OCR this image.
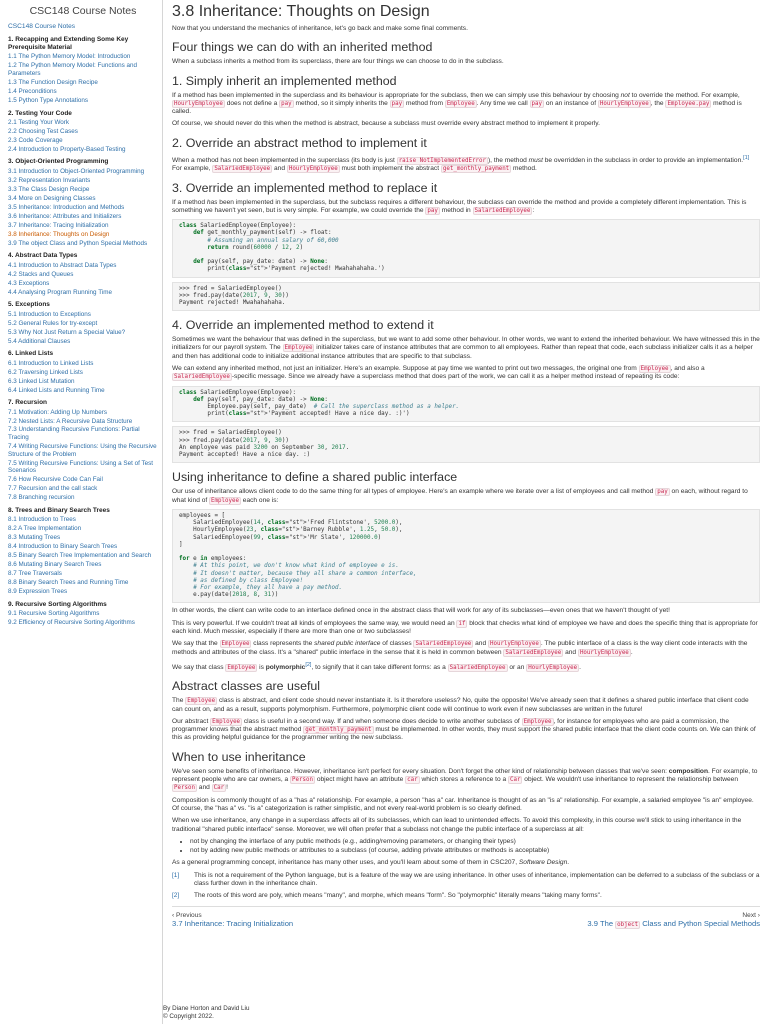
CSC148 Course Notes
CSC148 Course Notes
1. Recapping and Extending Some Key Prerequisite Material
1.1 The Python Memory Model: Introduction
1.2 The Python Memory Model: Functions and Parameters
1.3 The Function Design Recipe
1.4 Preconditions
1.5 Python Type Annotations
2. Testing Your Code
2.1 Testing Your Work
2.2 Choosing Test Cases
2.3 Code Coverage
2.4 Introduction to Property-Based Testing
3. Object-Oriented Programming
3.1 Introduction to Object-Oriented Programming
3.2 Representation Invariants
3.3 The Class Design Recipe
3.4 More on Designing Classes
3.5 Inheritance: Introduction and Methods
3.6 Inheritance: Attributes and Initializers
3.7 Inheritance: Tracing Initialization
3.8 Inheritance: Thoughts on Design
3.9 The object Class and Python Special Methods
4. Abstract Data Types
4.1 Introduction to Abstract Data Types
4.2 Stacks and Queues
4.3 Exceptions
4.4 Analysing Program Running Time
5. Exceptions
5.1 Introduction to Exceptions
5.2 General Rules for try-except
5.3 Why Not Just Return a Special Value?
5.4 Additional Clauses
6. Linked Lists
6.1 Introduction to Linked Lists
6.2 Traversing Linked Lists
6.3 Linked List Mutation
6.4 Linked Lists and Running Time
7. Recursion
7.1 Motivation: Adding Up Numbers
7.2 Nested Lists: A Recursive Data Structure
7.3 Understanding Recursive Functions: Partial Tracing
7.4 Writing Recursive Functions: Using the Recursive Structure of the Problem
7.5 Writing Recursive Functions: Using a Set of Test Scenarios
7.6 How Recursive Code Can Fail
7.7 Recursion and the call stack
7.8 Branching recursion
8. Trees and Binary Search Trees
8.1 Introduction to Trees
8.2 A Tree Implementation
8.3 Mutating Trees
8.4 Introduction to Binary Search Trees
8.5 Binary Search Tree Implementation and Search
8.6 Mutating Binary Search Trees
8.7 Tree Traversals
8.8 Binary Search Trees and Running Time
8.9 Expression Trees
9. Recursive Sorting Algorithms
9.1 Recursive Sorting Algorithms
9.2 Efficiency of Recursive Sorting Algorithms
3.8 Inheritance: Thoughts on Design

Now that you understand the mechanics of inheritance, let's go back and make some final comments.

Four things we can do with an inherited method

When a subclass inherits a method from its superclass, there are four things we can choose to do in the subclass.

1. Simply inherit an implemented method

If a method has been implemented in the superclass and its behaviour is appropriate for the subclass, then we can simply use this behaviour by choosing not to override the method. For example, HourlyEmployee does not define a pay method, so it simply inherits the pay method from Employee . Any time we call pay on an instance of HourlyEmployee , the Employee.pay method is called.

Of course, we should never do this when the method is abstract, because a subclass must override every abstract method to implement it properly.

2. Override an abstract method to implement it

When a method has not been implemented in the superclass (its body is just raise NotImplementedError ), the method must be overridden in the subclass in order to provide an implementation.[1] For example, SalariedEmployee and HourlyEmployee must both implement the abstract get_monthly_payment method.

3. Override an implemented method to replace it

If a method has been implemented in the superclass, but the subclass requires a different behaviour, the subclass can override the method and provide a completely different implementation. This is something we haven't yet seen, but is very simple. For example, we could override the pay method in SalariedEmployee :

class SalariedEmployee(Employee):
def get_monthly_payment(self) -> float:
# Assuming an annual salary of 60,000
return round(60000 / 12, 2)

def pay(self, pay_date: date) -> None:
print(class="st">'Payment rejected! Mwahahahaha.')
>>> fred = SalariedEmployee()
>>> fred.pay(date(2017, 9, 30))
Payment rejected! Mwahahahaha.
4. Override an implemented method to extend it

Sometimes we want the behaviour that was defined in the superclass, but we want to add some other behaviour. In other words, we want to extend the inherited behaviour. We have witnessed this in the initializers for our payroll system. The Employee initializer takes care of instance attributes that are common to all employees. Rather than repeat that code, each subclass initializer calls it as a helper and then has additional code to initialize additional instance attributes that are specific to that subclass.

We can extend any inherited method, not just an initializer. Here's an example. Suppose at pay time we wanted to print out two messages, the original one from Employee , and also a SalariedEmployee -specific message. Since we already have a superclass method that does part of the work, we can call it as a helper method instead of repeating its code:

class SalariedEmployee(Employee):
def pay(self, pay_date: date) -> None:
Employee.pay(self, pay_date)  # Call the superclass method as a helper.
print(class="st">'Payment accepted! Have a nice day. :)')
>>> fred = SalariedEmployee()
>>> fred.pay(date(2017, 9, 30))
An employee was paid 3200 on September 30, 2017.
Payment accepted! Have a nice day. :)
Using inheritance to define a shared public interface

Our use of inheritance allows client code to do the same thing for all types of employee. Here's an example where we iterate over a list of employees and call method pay on each, without regard to what kind of Employee each one is:

employees = [
SalariedEmployee(14, class="st">'Fred Flintstone', 5200.0),
HourlyEmployee(23, class="st">'Barney Rubble', 1.25, 50.0),
SalariedEmployee(99, class="st">'Mr Slate', 120000.0)
]

for e in employees:
# At this point, we don't know what kind of employee e is.
# It doesn't matter, because they all share a common interface,
# as defined by class Employee!
# For example, they all have a pay method.
e.pay(date(2018, 8, 31))

In other words, the client can write code to an interface defined once in the abstract class that will work for any of its subclasses—even ones that we haven't thought of yet!

This is very powerful. If we couldn't treat all kinds of employees the same way, we would need an if block that checks what kind of employee we have and does the specific thing that is appropriate for each kind. Much messier, especially if there are more than one or two subclasses!

We say that the Employee class represents the shared public interface of classes SalariedEmployee and HourlyEmployee . The public interface of a class is the way client code interacts with the methods and attributes of the class. It's a "shared" public interface in the sense that it is held in common between SalariedEmployee and HourlyEmployee .

We say that class Employee is polymorphic[2], to signify that it can take different forms: as a SalariedEmployee or an HourlyEmployee .

Abstract classes are useful

The Employee class is abstract, and client code should never instantiate it. Is it therefore useless? No, quite the opposite! We've already seen that it defines a shared public interface that client code can count on, and as a result, supports polymorphism. Furthermore, polymorphic client code will continue to work even if new subclasses are written in the future!

Our abstract Employee class is useful in a second way. If and when someone does decide to write another subclass of Employee , for instance for employees who are paid a commission, the programmer knows that the abstract method get_monthly_payment must be implemented. In other words, they must support the shared public interface that the client code counts on. We can think of this as providing helpful guidance for the programmer writing the new subclass.

When to use inheritance

We've seen some benefits of inheritance. However, inheritance isn't perfect for every situation. Don't forget the other kind of relationship between classes that we've seen: composition. For example, to represent people who are car owners, a Person object might have an attribute car which stores a reference to a Car object. We wouldn't use inheritance to represent the relationship between Person and Car !

Composition is commonly thought of as a "has a" relationship. For example, a person "has a" car. Inheritance is thought of as an "is a" relationship. For example, a salaried employee "is an" employee. Of course, the "has a" vs. "is a" categorization is rather simplistic, and not every real-world problem is so clearly defined.

When we use inheritance, any change in a superclass affects all of its subclasses, which can lead to unintended effects. To avoid this complexity, in this course we'll stick to using inheritance in the traditional "shared public interface" sense. Moreover, we will often prefer that a subclass not change the public interface of a superclass at all:

• not by changing the interface of any public methods (e.g., adding/removing parameters, or changing their types)
• not by adding new public methods or attributes to a subclass (of course, adding private attributes or methods is acceptable)

As a general programming concept, inheritance has many other uses, and you'll learn about some of them in CSC207, Software Design.

[1]	This is not a requirement of the Python language, but is a feature of the way we are using inheritance. In other uses of inheritance, implementation can be deferred to a subclass of the subclass or a class further down in the inheritance chain.
[2]	The roots of this word are poly, which means "many", and morphe, which means "form". So "polymorphic" literally means "taking many forms".
‹ Previous
3.7 Inheritance: Tracing Initialization
Next ›
3.9 The object Class and Python Special Methods
By Diane Horton and David Liu
© Copyright 2022.
